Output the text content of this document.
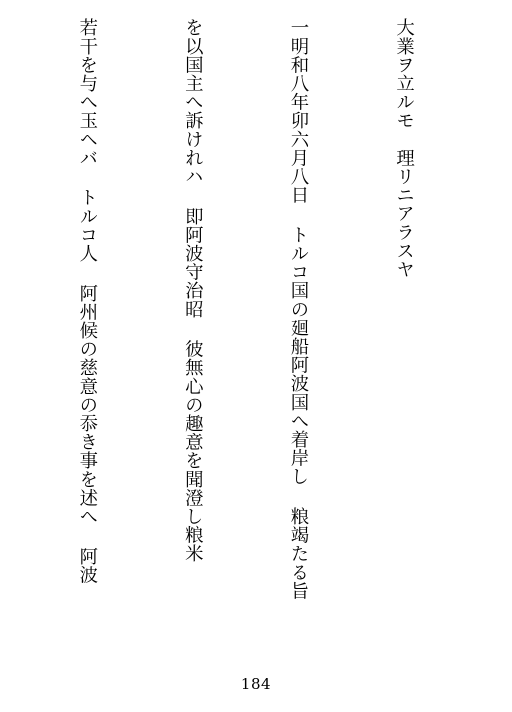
大業ヲ立ルモ　理リニアラスヤ

一明和八年卯六月八日 トルコ国の廻船阿波国へ着岸し 粮竭たる旨

を以国主へ訴けれハ 即阿波守治昭 彼無心の趣意を聞澄し粮米

若干を与へ玉ヘバ トルコ人 阿州候の慈意の忝き事を述へ 阿波

184
